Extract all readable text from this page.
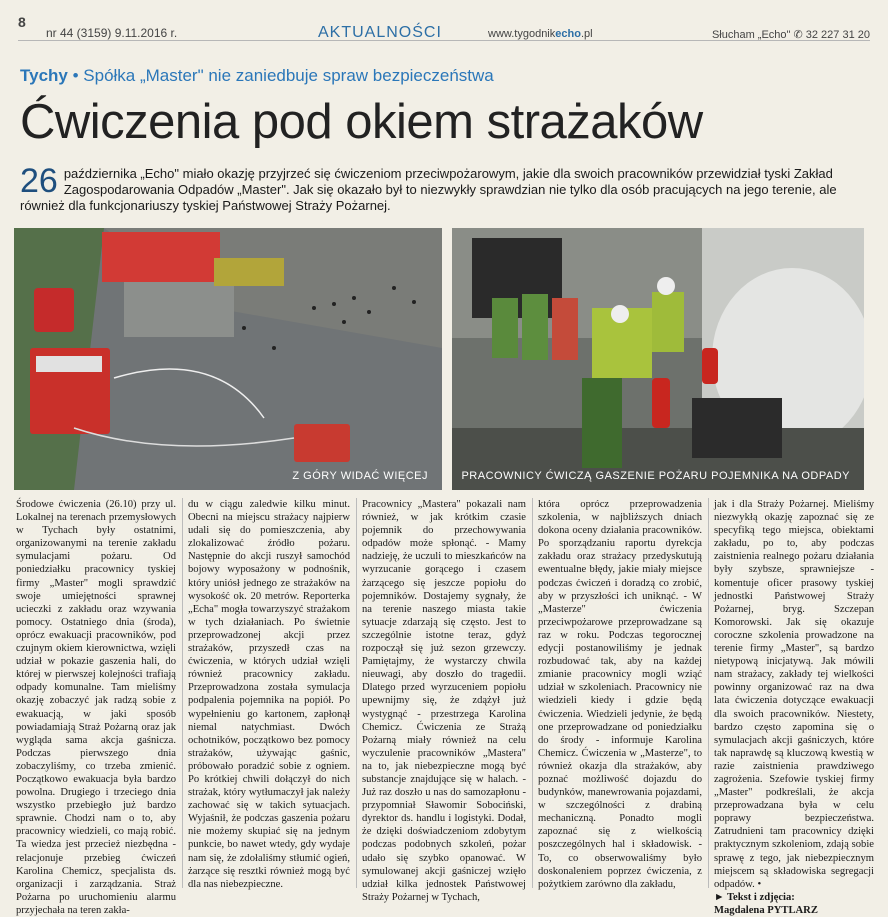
8
nr 44 (3159) 9.11.2016 r.	AKTUALNOŚCI	www.tygodnikecho.pl	Słucham „Echo" ✆ 32 227 31 20
Tychy • Spółka „Master" nie zaniedbuje spraw bezpieczeństwa
Ćwiczenia pod okiem strażaków
26 października „Echo" miało okazję przyjrzeć się ćwiczeniom przeciwpożarowym, jakie dla swoich pracowników przewidział tyski Zakład Zagospodarowania Odpadów „Master". Jak się okazało był to niezwykły sprawdzian nie tylko dla osób pracujących na jego terenie, ale również dla funkcjonariuszy tyskiej Państwowej Straży Pożarnej.
Z GÓRY WIDAĆ WIĘCEJ	PRACOWNICY ĆWICZĄ GASZENIE POŻARU POJEMNIKA NA ODPADY

Środowe ćwiczenia (26.10) przy ul. Lokalnej na terenach przemysłowych w Tychach były ostatnimi, organizowanymi na terenie zakładu symulacjami pożaru. Od poniedziałku pracownicy tyskiej firmy „Master" mogli sprawdzić swoje umiejętności sprawnej ucieczki z zakładu oraz wzywania pomocy. Ostatniego dnia (środa), oprócz ewakuacji pracowników, pod czujnym okiem kierownictwa, wzięli udział w pokazie gaszenia hali, do której w pierwszej kolejności trafiają odpady komunalne. Tam mieliśmy okazję zobaczyć jak radzą sobie z ewakuacją, w jaki sposób powiadamiają Straż Pożarną oraz jak wygląda sama akcja gaśnicza. Podczas pierwszego dnia zobaczyliśmy, co trzeba zmienić. Początkowo ewakuacja była bardzo powolna. Drugiego i trzeciego dnia wszystko przebiegło już bardzo sprawnie. Chodzi nam o to, aby pracownicy wiedzieli, co mają robić. Ta wiedza jest przecież niezbędna - relacjonuje przebieg ćwiczeń Karolina Chemicz, specjalista ds. organizacji i zarządzania. Straż Pożarna po uruchomieniu alarmu przyjechała na teren zakła-

du w ciągu zaledwie kilku minut. Obecni na miejscu strażacy najpierw udali się do pomieszczenia, aby zlokalizować źródło pożaru. Następnie do akcji ruszył samochód bojowy wyposażony w podnośnik, który uniósł jednego ze strażaków na wysokość ok. 20 metrów. Reporterka „Echa" mogła towarzyszyć strażakom w tych działaniach. Po świetnie przeprowadzonej akcji przez strażaków, przyszedł czas na ćwiczenia, w których udział wzięli również pracownicy zakładu. Przeprowadzona została symulacja podpalenia pojemnika na popiół. Po wypełnieniu go kartonem, zapłonął niemal natychmiast. Dwóch ochotników, początkowo bez pomocy strażaków, używając gaśnic, próbowało poradzić sobie z ogniem. Po krótkiej chwili dołączył do nich strażak, który wytłumaczył jak należy zachować się w takich sytuacjach. Wyjaśnił, że podczas gaszenia pożaru nie możemy skupiać się na jednym punkcie, bo nawet wtedy, gdy wydaje nam się, że zdołaliśmy stłumić ogień, żarzące się resztki również mogą być dla nas niebezpieczne.

Pracownicy „Mastera" pokazali nam również, w jak krótkim czasie pojemnik do przechowywania odpadów może spłonąć. - Mamy nadzieję, że uczuli to mieszkańców na wyrzucanie gorącego i czasem żarzącego się jeszcze popiołu do pojemników. Dostajemy sygnały, że na terenie naszego miasta takie sytuacje zdarzają się często. Jest to szczególnie istotne teraz, gdyż rozpoczął się już sezon grzewczy. Pamiętajmy, że wystarczy chwila nieuwagi, aby doszło do tragedii. Dlatego przed wyrzuceniem popiołu upewnijmy się, że zdążył już wystygnąć - przestrzega Karolina Chemicz. Ćwiczenia ze Strażą Pożarną miały również na celu wyczulenie pracowników „Mastera" na to, jak niebezpieczne mogą być substancje znajdujące się w halach. - Już raz doszło u nas do samozapłonu - przypomniał Sławomir Sobociński, dyrektor ds. handlu i logistyki. Dodał, że dzięki doświadczeniom zdobytym podczas podobnych szkoleń, pożar udało się szybko opanować. W symulowanej akcji gaśniczej wzięło udział kilka jednostek Państwowej Straży Pożarnej w Tychach,

która oprócz przeprowadzenia szkolenia, w najbliższych dniach dokona oceny działania pracowników. Po sporządzaniu raportu dyrekcja zakładu oraz strażacy przedyskutują ewentualne błędy, jakie miały miejsce podczas ćwiczeń i doradzą co zrobić, aby w przyszłości ich uniknąć. - W „Masterze" ćwiczenia przeciwpożarowe przeprowadzane są raz w roku. Podczas tegorocznej edycji postanowiliśmy je jednak rozbudować tak, aby na każdej zmianie pracownicy mogli wziąć udział w szkoleniach. Pracownicy nie wiedzieli kiedy i gdzie będą ćwiczenia. Wiedzieli jedynie, że będą one przeprowadzane od poniedziałku do środy - informuje Karolina Chemicz. Ćwiczenia w „Masterze", to również okazja dla strażaków, aby poznać możliwość dojazdu do budynków, manewrowania pojazdami, w szczególności z drabiną mechaniczną. Ponadto mogli zapoznać się z wielkością poszczególnych hal i składowisk. - To, co obserwowaliśmy było doskonaleniem poprzez ćwiczenia, z pożytkiem zarówno dla zakładu,

jak i dla Straży Pożarnej. Mieliśmy niezwykłą okazję zapoznać się ze specyfiką tego miejsca, obiektami zakładu, po to, aby podczas zaistnienia realnego pożaru działania były szybsze, sprawniejsze - komentuje oficer prasowy tyskiej jednostki Państwowej Straży Pożarnej, bryg. Szczepan Komorowski. Jak się okazuje coroczne szkolenia prowadzone na terenie firmy „Master", są bardzo nietypową inicjatywą. Jak mówili nam strażacy, zakłady tej wielkości powinny organizować raz na dwa lata ćwiczenia dotyczące ewakuacji dla swoich pracowników. Niestety, bardzo często zapomina się o symulacjach akcji gaśniczych, które tak naprawdę są kluczową kwestią w razie zaistnienia prawdziwego zagrożenia. Szefowie tyskiej firmy „Master" podkreślali, że akcja przeprowadzana była w celu poprawy bezpieczeństwa. Zatrudnieni tam pracownicy dzięki praktycznym szkoleniom, zdają sobie sprawę z tego, jak niebezpiecznym miejscem są składowiska segregacji odpadów. •

► Tekst i zdjęcia:

Magdalena PYTLARZ
